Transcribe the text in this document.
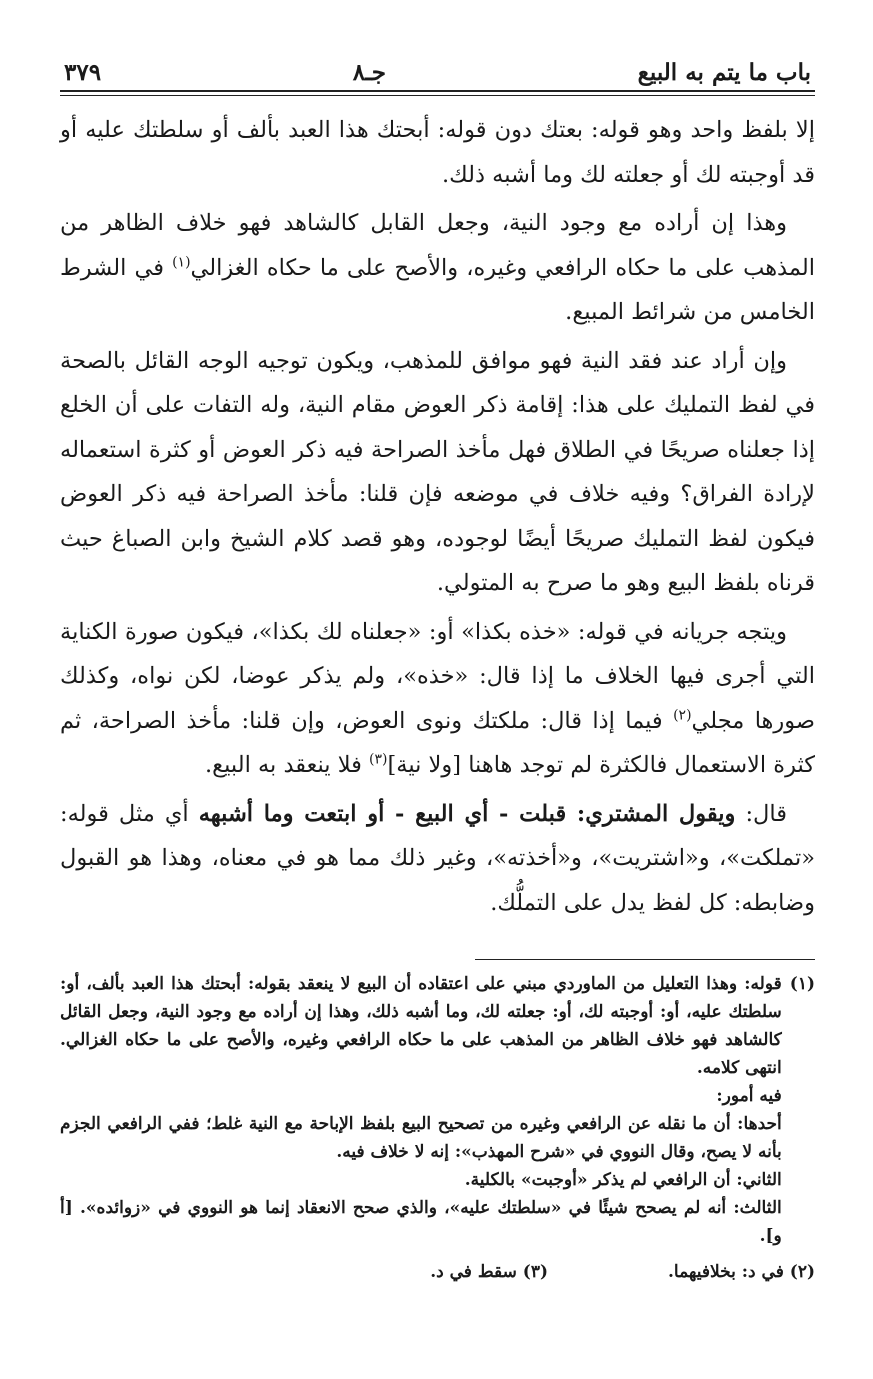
باب ما يتم به البيع
جـ٨
٣٧٩

إلا بلفظ واحد وهو قوله: بعتك دون قوله: أبحتك هذا العبد بألف أو سلطتك عليه أو قد أوجبته لك أو جعلته لك وما أشبه ذلك.

وهذا إن أراده مع وجود النية، وجعل القابل كالشاهد فهو خلاف الظاهر من المذهب على ما حكاه الرافعي وغيره، والأصح على ما حكاه الغزالي$^{(١)}$ في الشرط الخامس من شرائط المبيع.

وإن أراد عند فقد النية فهو موافق للمذهب، ويكون توجيه الوجه القائل بالصحة في لفظ التمليك على هذا: إقامة ذكر العوض مقام النية، وله التفات على أن الخلع إذا جعلناه صريحًا في الطلاق فهل مأخذ الصراحة فيه ذكر العوض أو كثرة استعماله لإرادة الفراق؟ وفيه خلاف في موضعه فإن قلنا: مأخذ الصراحة فيه ذكر العوض فيكون لفظ التمليك صريحًا أيضًا لوجوده، وهو قصد كلام الشيخ وابن الصباغ حيث قرناه بلفظ البيع وهو ما صرح به المتولي.

ويتجه جريانه في قوله: «خذه بكذا» أو: «جعلناه لك بكذا»، فيكون صورة الكناية التي أجرى فيها الخلاف ما إذا قال: «خذه»، ولم يذكر عوضا، لكن نواه، وكذلك صورها مجلي$^{(٢)}$ فيما إذا قال: ملكتك ونوى العوض، وإن قلنا: مأخذ الصراحة، ثم كثرة الاستعمال فالكثرة لم توجد هاهنا [ولا نية]$^{(٣)}$ فلا ينعقد به البيع.

قال: ويقول المشتري: قبلت - أي البيع - أو ابتعت وما أشبهه أي مثل قوله: «تملكت»، و«اشتريت»، و«أخذته»، وغير ذلك مما هو في معناه، وهذا هو القبول وضابطه: كل لفظ يدل على التملُّك.

(١)

قوله: وهذا التعليل من الماوردي مبني على اعتقاده أن البيع لا ينعقد بقوله: أبحتك هذا العبد بألف، أو: سلطتك عليه، أو: أوجبته لك، أو: جعلته لك، وما أشبه ذلك، وهذا إن أراده مع وجود النية، وجعل القائل كالشاهد فهو خلاف الظاهر من المذهب على ما حكاه الرافعي وغيره، والأصح على ما حكاه الغزالي. انتهى كلامه.

فيه أمور:

أحدها: أن ما نقله عن الرافعي وغيره من تصحيح البيع بلفظ الإباحة مع النية غلط؛ ففي الرافعي الجزم بأنه لا يصح، وقال النووي في «شرح المهذب»: إنه لا خلاف فيه.

الثاني: أن الرافعي لم يذكر «أوجبت» بالكلية.

الثالث: أنه لم يصحح شيئًا في «سلطتك عليه»، والذي صحح الانعقاد إنما هو النووي في «زوائده». [أ و].

(٢) في د: بخلافيهما.
(٣) سقط في د.
